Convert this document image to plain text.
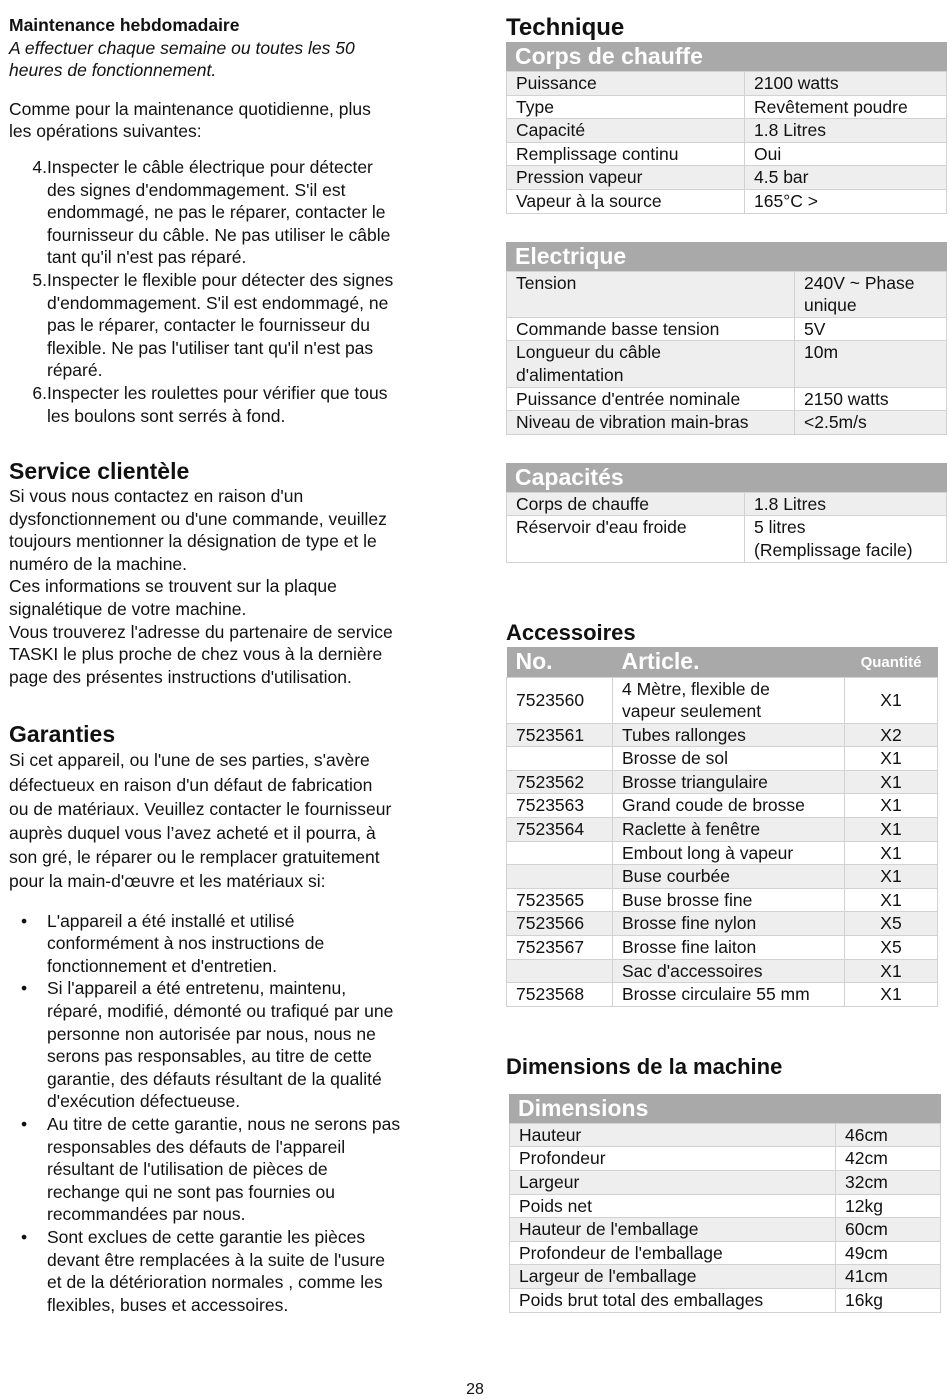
Maintenance hebdomadaire

A effectuer chaque semaine ou toutes les 50

heures de fonctionnement.

Comme pour la maintenance quotidienne, plus

les opérations suivantes:

4. Inspecter le câble électrique pour détecter
des signes d'endommagement. S'il est
endommagé, ne pas le réparer, contacter le
fournisseur du câble. Ne pas utiliser le câble
tant qu'il n'est pas réparé.
5. Inspecter le flexible pour détecter des signes
d'endommagement. S'il est endommagé, ne
pas le réparer, contacter le fournisseur du
flexible. Ne pas l'utiliser tant qu'il n'est pas
réparé.
6. Inspecter les roulettes pour vérifier que tous
les boulons sont serrés à fond.
Service clientèle

Si vous nous contactez en raison d'un

dysfonctionnement ou d'une commande, veuillez

toujours mentionner la désignation de type et le

numéro de la machine.

Ces informations se trouvent sur la plaque

signalétique de votre machine.

Vous trouverez l'adresse du partenaire de service

TASKI le plus proche de chez vous à la dernière

page des présentes instructions d'utilisation.

Garanties

Si cet appareil, ou l'une de ses parties, s'avère

défectueux en raison d'un défaut de fabrication

ou de matériaux. Veuillez contacter le fournisseur

auprès duquel vous l’avez acheté et il pourra, à

son gré, le réparer ou le remplacer gratuitement

pour la main-d'œuvre et les matériaux si:

•	L'appareil a été installé et utilisé
conformément à nos instructions de
fonctionnement et d'entretien.
•	Si l'appareil a été entretenu, maintenu,
réparé, modifié, démonté ou trafiqué par une
personne non autorisée par nous, nous ne
serons pas responsables, au titre de cette
garantie, des défauts résultant de la qualité
d'exécution défectueuse.
•	Au titre de cette garantie, nous ne serons pas
responsables des défauts de l'appareil
résultant de l'utilisation de pièces de
rechange qui ne sont pas fournies ou
recommandées par nous.
•	Sont exclues de cette garantie les pièces
devant être remplacées à la suite de l'usure
et de la détérioration normales , comme les
flexibles, buses et accessoires.
Technique
Corps de chauffe
Puissance	2100 watts
Type	Revêtement poudre
Capacité	1.8 Litres
Remplissage continu	Oui
Pression vapeur	4.5 bar
Vapeur à la source	165°C >
Electrique
Tension	240V ~ Phase
unique

Commande basse tension	5V

Longueur du câble
d'alimentation	10m

Puissance d'entrée nominale	2150 watts

Niveau de vibration main-bras	<2.5m/s
Capacités
Corps de chauffe	1.8 Litres

Réservoir d'eau froide	5 litres
(Remplissage facile)
Accessoires
No.	Article.	Quantité
7523560	4 Mètre, flexible de
vapeur seulement	X1
7523561	Tubes rallonges	X2

	Brosse de sol	X1
7523562	Brosse triangulaire	X1
7523563	Grand coude de brosse	X1
7523564	Raclette à fenêtre	X1

	Embout long à vapeur	X1

	Buse courbée	X1
7523565	Buse brosse fine	X1
7523566	Brosse fine nylon	X5
7523567	Brosse fine laiton	X5

	Sac d'accessoires	X1
7523568	Brosse circulaire 55 mm	X1
Dimensions de la machine
Dimensions
Hauteur	46cm
Profondeur	42cm
Largeur	32cm
Poids net	12kg
Hauteur de l'emballage	60cm
Profondeur de l'emballage	49cm
Largeur de l'emballage	41cm
Poids brut total des emballages	16kg
28
